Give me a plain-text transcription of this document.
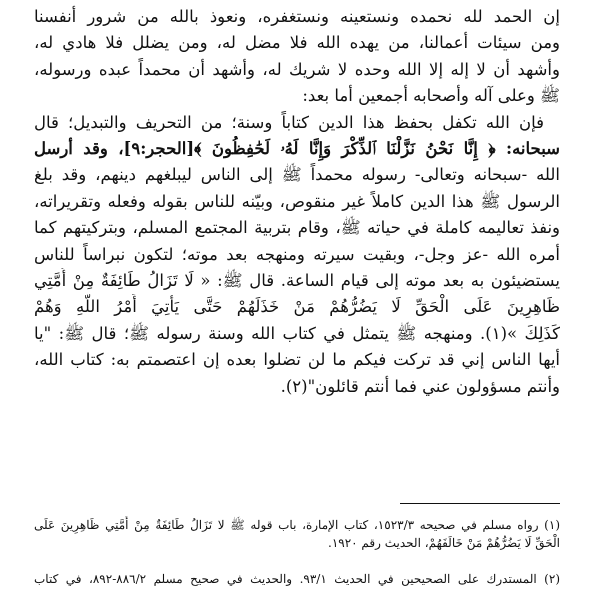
إن الحمد لله نحمده ونستعينه ونستغفره، ونعوذ بالله من شرور أنفسنا
ومن سيئات أعمالنا، من يهده الله فلا مضل له، ومن يضلل فلا هادي له،
وأشهد أن لا إله إلا الله وحده لا شريك له، وأشهد أن محمداً عبده ورسوله،
ﷺ وعلى آله وأصحابه أجمعين أما بعد:
فإن الله تكفل بحفظ هذا الدين كتاباً وسنة؛ من التحريف والتبديل؛ قال
سبحانه: ﴿ إِنَّا نَحْنُ نَزَّلْنَا ٱلذِّكْرَ وَإِنَّا لَهُۥ لَحَٰفِظُونَ ﴾[الحجر:٩]، وقد أرسل
الله -سبحانه وتعالى- رسوله محمداً ﷺ إلى الناس ليبلغهم دينهم، وقد بلغ
الرسول ﷺ هذا الدين كاملاً غير منقوص، وبيّنه للناس بقوله وفعله وتقريراته،
ونفذ تعاليمه كاملة في حياته ﷺ، وقام بتربية المجتمع المسلم، وبتركيتهم كما
أمره الله -عز وجل-، وبقيت سيرته ومنهجه بعد موته؛ لتكون نبراساً للناس
يستضيئون به بعد موته إلى قيام الساعة. قال ﷺ: « لَا تَزَالُ طَائِفَةٌ مِنْ أُمَّتِي
ظَاهِرِينَ عَلَى الْحَقِّ لَا يَضُرُّهُمْ مَنْ خَذَلَهُمْ حَتَّى يَأْتِيَ أَمْرُ اللَّهِ وَهُمْ
كَذَلِكَ »(١). ومنهجه ﷺ يتمثل في كتاب الله وسنة رسوله ﷺ؛ قال ﷺ: "يا
أيها الناس إني قد تركت فيكم ما لن تضلوا بعده إن اعتصمتم به: كتاب الله،
وأنتم مسؤولون عني فما أنتم قائلون"(٢).
(١) رواه مسلم في صحيحه ١٥٢٣/٣، كتاب الإمارة، باب قوله ﷺ لا تَزَالُ طَائِفَةٌ مِنْ أُمَّتِي ظَاهِرِينَ عَلَى
الْحَقِّ لَا يَضُرُّهُمْ مَنْ خَالَفَهُمْ، الحديث رقم ١٩٢٠.
(٢) المستدرك على الصحيحين في الحديث ٩٣/١. والحديث في صحيح مسلم ٨٨٦/٢-٨٩٢، في كتاب
